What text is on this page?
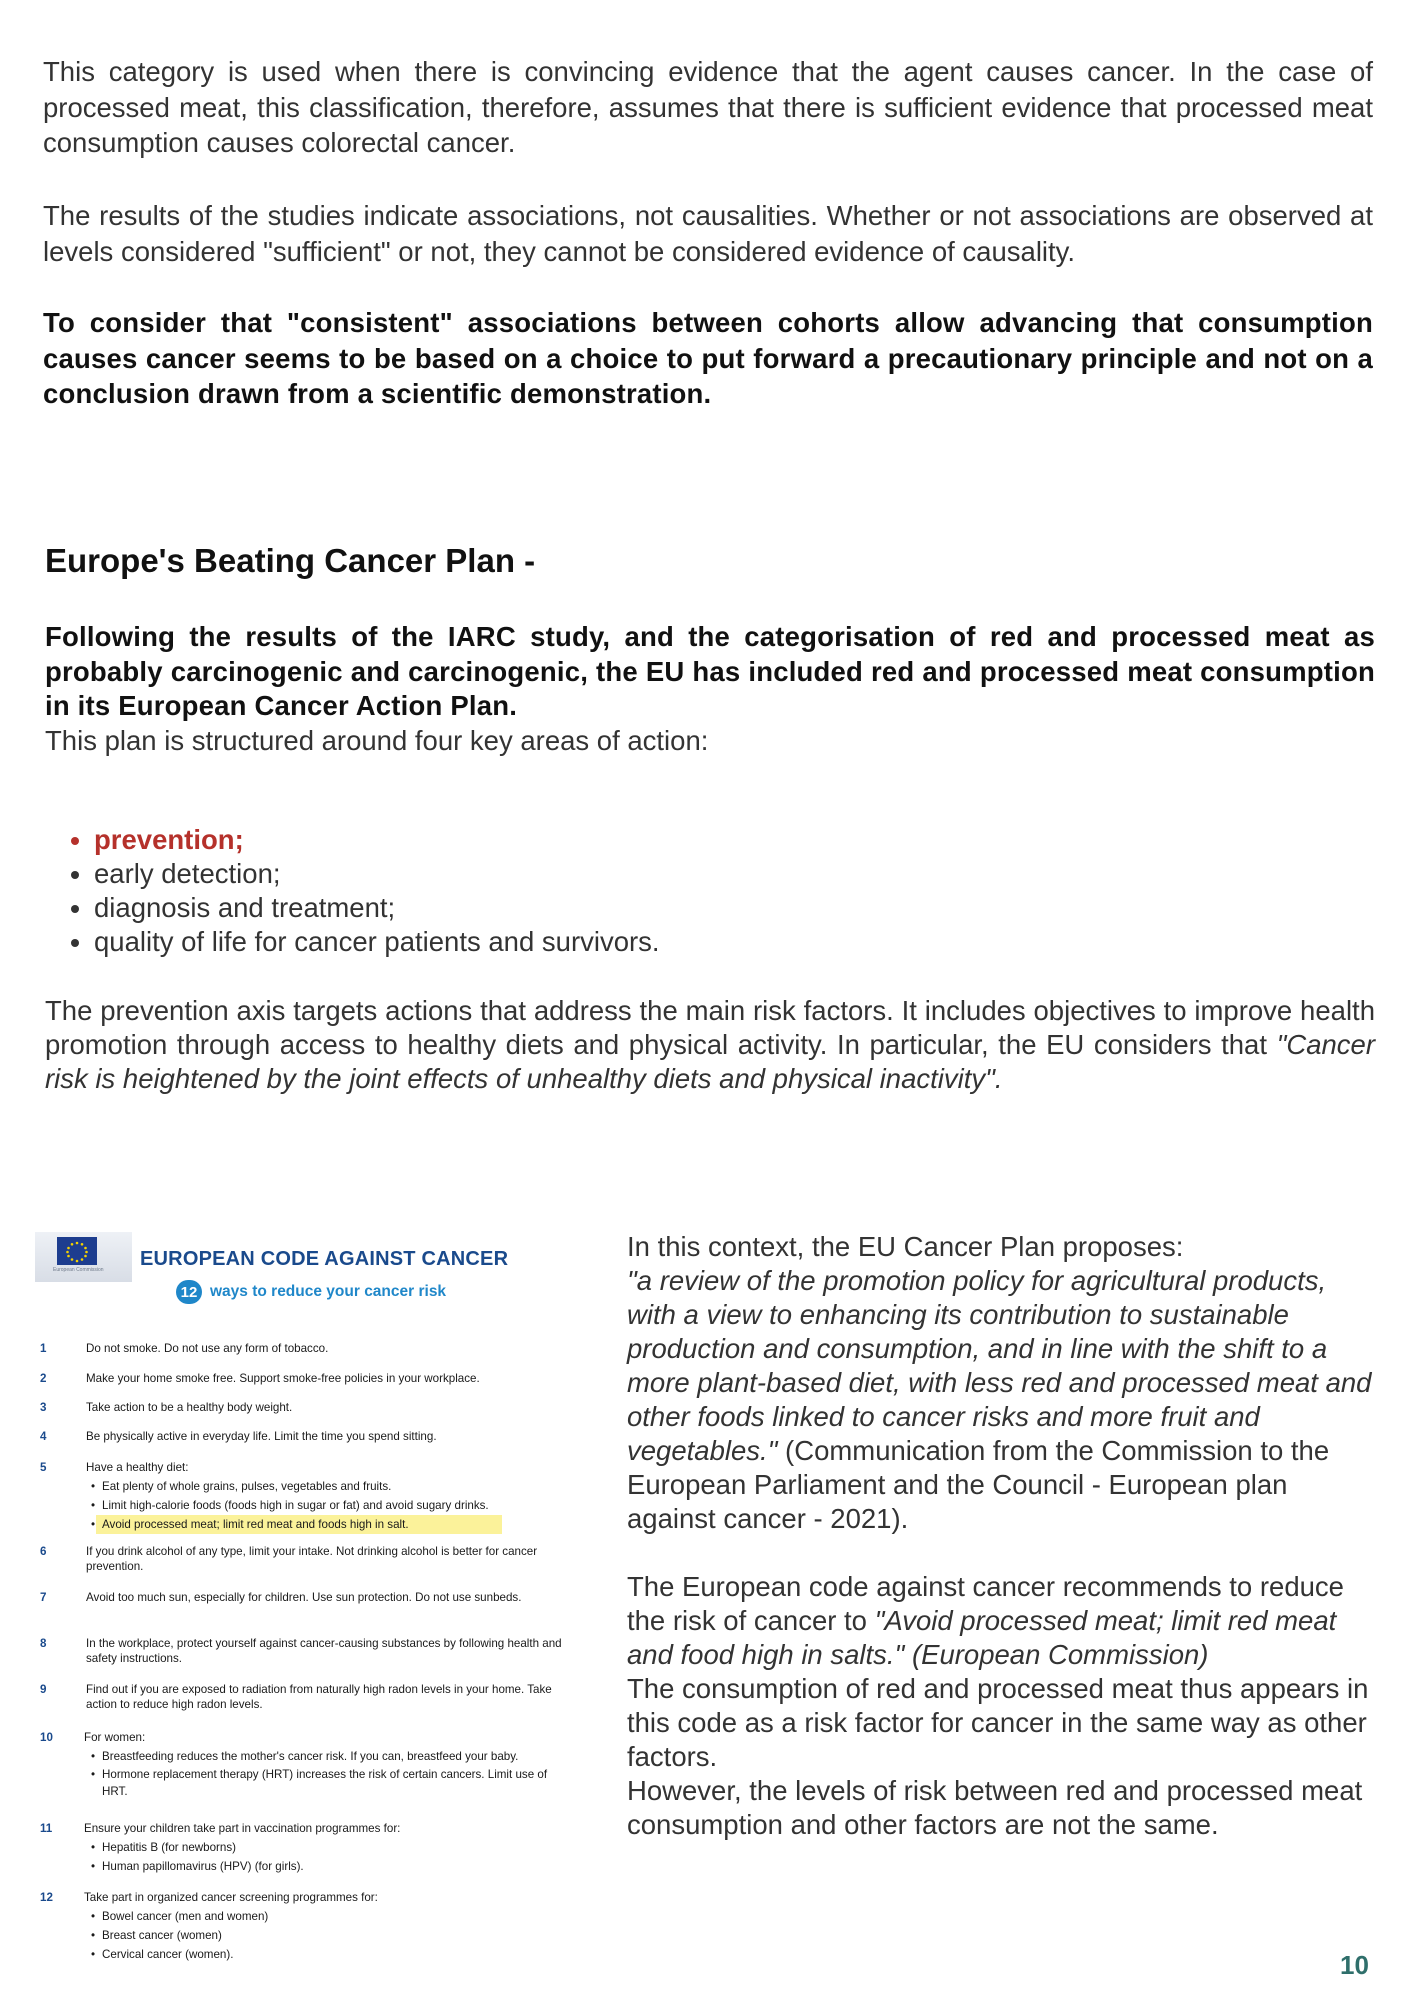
This category is used when there is convincing evidence that the agent causes cancer. In the case of processed meat, this classification, therefore, assumes that there is sufficient evidence that processed meat consumption causes colorectal cancer.

The results of the studies indicate associations, not causalities. Whether or not associations are observed at levels considered "sufficient" or not, they cannot be considered evidence of causality.

To consider that "consistent" associations between cohorts allow advancing that consumption causes cancer seems to be based on a choice to put forward a precautionary principle and not on a conclusion drawn from a scientific demonstration.

Europe's Beating Cancer Plan -

Following the results of the IARC study, and the categorisation of red and processed meat as probably carcinogenic and carcinogenic, the EU has included red and processed meat consumption in its European Cancer Action Plan.

This plan is structured around four key areas of action:

• prevention;
• early detection;
• diagnosis and treatment;
• quality of life for cancer patients and survivors.

The prevention axis targets actions that address the main risk factors. It includes objectives to improve health promotion through access to healthy diets and physical activity. In particular, the EU considers that "Cancer risk is heightened by the joint effects of unhealthy diets and physical inactivity".

European Commission EUROPEAN CODE AGAINST CANCER
12 ways to reduce your cancer risk
1	Do not smoke. Do not use any form of tobacco.
2	Make your home smoke free. Support smoke-free policies in your workplace.
3	Take action to be a healthy body weight.
4	Be physically active in everyday life. Limit the time you spend sitting.
5	Have a healthy diet:
• Eat plenty of whole grains, pulses, vegetables and fruits.
• Limit high-calorie foods (foods high in sugar or fat) and avoid sugary drinks.
• Avoid processed meat; limit red meat and foods high in salt.
6	If you drink alcohol of any type, limit your intake. Not drinking alcohol is better for cancer prevention.
7	Avoid too much sun, especially for children. Use sun protection. Do not use sunbeds.
8	In the workplace, protect yourself against cancer-causing substances by following health and safety instructions.
9	Find out if you are exposed to radiation from naturally high radon levels in your home. Take action to reduce high radon levels.
10	For women:
• Breastfeeding reduces the mother's cancer risk. If you can, breastfeed your baby.
• Hormone replacement therapy (HRT) increases the risk of certain cancers. Limit use of HRT.
11	Ensure your children take part in vaccination programmes for:
• Hepatitis B (for newborns)
• Human papillomavirus (HPV) (for girls).
12	Take part in organized cancer screening programmes for:
• Bowel cancer (men and women)
• Breast cancer (women)
• Cervical cancer (women).
In this context, the EU Cancer Plan proposes:
"a review of the promotion policy for agricultural products, with a view to enhancing its contribution to sustainable production and consumption, and in line with the shift to a more plant-based diet, with less red and processed meat and other foods linked to cancer risks and more fruit and vegetables." (Communication from the Commission to the European Parliament and the Council - European plan against cancer - 2021).
The European code against cancer recommends to reduce the risk of cancer to "Avoid processed meat; limit red meat and food high in salts." (European Commission)
The consumption of red and processed meat thus appears in this code as a risk factor for cancer in the same way as other factors.
However, the levels of risk between red and processed meat consumption and other factors are not the same.
10
